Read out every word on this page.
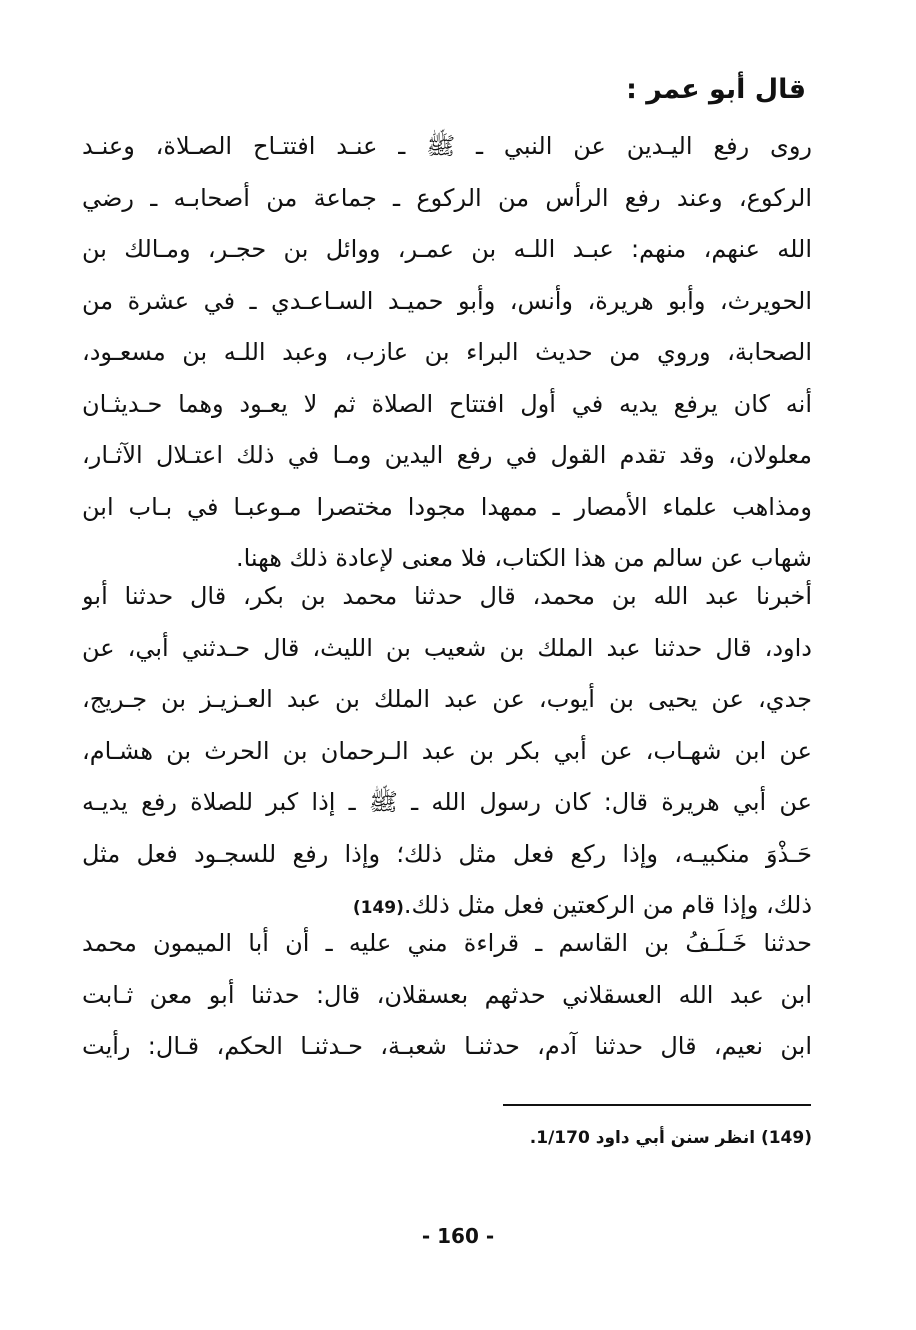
قال أبو عمر :
روى رفع اليـدين عن النبي ـ ﷺ ـ عنـد افتتـاح الصـلاة، وعنـد
الركوع، وعند رفع الرأس من الركوع ـ جماعة من أصحابـه ـ رضي
الله عنهم، منهم: عبـد اللـه بن عمـر، ووائل بن حجـر، ومـالك بن
الحويرث، وأبو هريرة، وأنس، وأبو حميـد السـاعـدي ـ في عشرة من
الصحابة، وروي من حديث البراء بن عازب، وعبد اللـه بن مسعـود،
أنه كان يرفع يديه في أول افتتاح الصلاة ثم لا يعـود وهما حـديثـان
معلولان، وقد تقدم القول في رفع اليدين ومـا في ذلك اعتـلال الآثـار،
ومذاهب علماء الأمصار ـ ممهدا مجودا مختصرا مـوعبـا في بـاب ابن
شهاب عن سالم من هذا الكتاب، فلا معنى لإعادة ذلك ههنا.
أخبرنا عبد الله بن محمد، قال حدثنا محمد بن بكر، قال حدثنا أبو
داود، قال حدثنا عبد الملك بن شعيب بن الليث، قال حـدثني أبي، عن
جدي، عن يحيى بن أيوب، عن عبد الملك بن عبد العـزيـز بن جـريج،
عن ابن شهـاب، عن أبي بكر بن عبد الـرحمان بن الحرث بن هشـام،
عن أبي هريرة قال: كان رسول الله ـ ﷺ ـ إذا كبر للصلاة رفع يديـه
حَـذْوَ منكبيـه، وإذا ركع فعل مثل ذلك؛ وإذا رفع للسجـود فعل مثل
ذلك، وإذا قام من الركعتين فعل مثل ذلك.(149)
حدثنا خَـلَـفُ بن القاسم ـ قراءة مني عليه ـ أن أبا الميمون محمد
ابن عبد الله العسقلاني حدثهم بعسقلان، قال: حدثنا أبو معن ثـابت
ابن نعيم، قال حدثنا آدم، حدثنـا شعبـة، حـدثنـا الحكم، قـال: رأيت
(149) انظر سنن أبي داود 1/170.
- 160 -
